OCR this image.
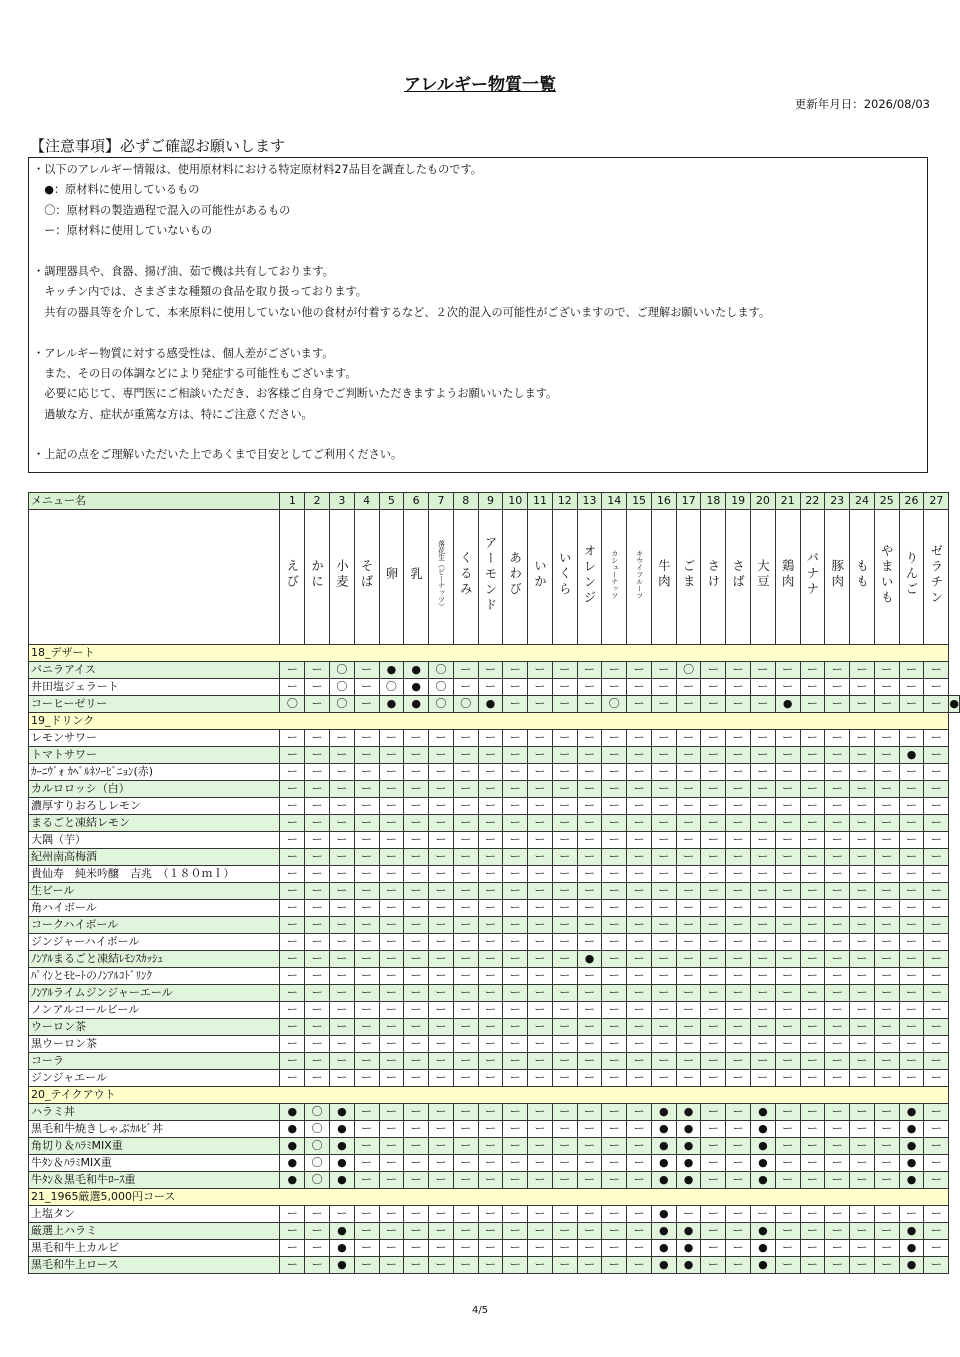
アレルギー物質一覧
更新年月日：2026/08/03
【注意事項】必ずご確認お願いします
・以下のアレルギー情報は、使用原材料における特定原材料27品目を調査したものです。
　●：原材料に使用しているもの
　〇：原材料の製造過程で混入の可能性があるもの
　ー：原材料に使用していないもの
・調理器具や、食器、揚げ油、茹で機は共有しております。
　キッチン内では、さまざまな種類の食品を取り扱っております。
　共有の器具等を介して、本来原料に使用していない他の食材が付着するなど、２次的混入の可能性がございますので、ご理解お願いいたします。
・アレルギー物質に対する感受性は、個人差がございます。
　また、その日の体調などにより発症する可能性もございます。
　必要に応じて、専門医にご相談いただき、お客様ご自身でご判断いただきますようお願いいたします。
　過敏な方、症状が重篤な方は、特にご注意ください。
・上記の点をご理解いただいた上であくまで目安としてご利用ください。
メニュー名	1	2	3	4	5	6	7	8	9	10	11	12	13	14	15	16	17	18	19	20	21	22	23	24	25	26	27	
	えび	かに	小麦	そば	卵	乳	落花生（ピーナッツ）	くるみ	アーモンド	あわび	いか	いくら	オレンジ	カシューナッツ	キウイフルーツ	牛肉	ごま	さけ	さば	大豆	鶏肉	バナナ	豚肉	もも	やまいも	りんご	ゼラチン	
18_デザート																												
バニラアイス	ー	ー	〇	ー	●	●	〇	ー	ー	ー	ー	ー	ー	ー	ー	ー	〇	ー	ー	ー	ー	ー	ー	ー	ー	ー	ー	
井田塩ジェラート	ー	ー	〇	ー	〇	●	〇	ー	ー	ー	ー	ー	ー	ー	ー	ー	ー	ー	ー	ー	ー	ー	ー	ー	ー	ー	ー	
コーヒーゼリー	〇	ー	〇	ー	●	●	〇	〇	●	ー	ー	ー	ー	〇	ー	ー	ー	ー	ー	ー	●	ー	ー	ー	ー	ー	ー	●
19_ドリンク																												
レモンサワー	ー	ー	ー	ー	ー	ー	ー	ー	ー	ー	ー	ー	ー	ー	ー	ー	ー	ー	ー	ー	ー	ー	ー	ー	ー	ー	ー	
トマトサワー	ー	ー	ー	ー	ー	ー	ー	ー	ー	ー	ー	ー	ー	ー	ー	ー	ー	ー	ー	ー	ー	ー	ー	ー	ー	●	ー	
ｶｰﾆｳﾞｫ ｶﾍﾞﾙﾈｿｰﾋﾞﾆｮﾝ(赤)	ー	ー	ー	ー	ー	ー	ー	ー	ー	ー	ー	ー	ー	ー	ー	ー	ー	ー	ー	ー	ー	ー	ー	ー	ー	ー	ー	
カルロロッシ（白）	ー	ー	ー	ー	ー	ー	ー	ー	ー	ー	ー	ー	ー	ー	ー	ー	ー	ー	ー	ー	ー	ー	ー	ー	ー	ー	ー	
濃厚すりおろしレモン	ー	ー	ー	ー	ー	ー	ー	ー	ー	ー	ー	ー	ー	ー	ー	ー	ー	ー	ー	ー	ー	ー	ー	ー	ー	ー	ー	
まるごと凍結レモン	ー	ー	ー	ー	ー	ー	ー	ー	ー	ー	ー	ー	ー	ー	ー	ー	ー	ー	ー	ー	ー	ー	ー	ー	ー	ー	ー	
大隅（芋）	ー	ー	ー	ー	ー	ー	ー	ー	ー	ー	ー	ー	ー	ー	ー	ー	ー	ー	ー	ー	ー	ー	ー	ー	ー	ー	ー	
紀州南高梅酒	ー	ー	ー	ー	ー	ー	ー	ー	ー	ー	ー	ー	ー	ー	ー	ー	ー	ー	ー	ー	ー	ー	ー	ー	ー	ー	ー	
貴仙寿　純米吟醸　吉兆　（１８０ｍｌ）	ー	ー	ー	ー	ー	ー	ー	ー	ー	ー	ー	ー	ー	ー	ー	ー	ー	ー	ー	ー	ー	ー	ー	ー	ー	ー	ー	
生ビール	ー	ー	ー	ー	ー	ー	ー	ー	ー	ー	ー	ー	ー	ー	ー	ー	ー	ー	ー	ー	ー	ー	ー	ー	ー	ー	ー	
角ハイボール	ー	ー	ー	ー	ー	ー	ー	ー	ー	ー	ー	ー	ー	ー	ー	ー	ー	ー	ー	ー	ー	ー	ー	ー	ー	ー	ー	
コークハイボール	ー	ー	ー	ー	ー	ー	ー	ー	ー	ー	ー	ー	ー	ー	ー	ー	ー	ー	ー	ー	ー	ー	ー	ー	ー	ー	ー	
ジンジャーハイボール	ー	ー	ー	ー	ー	ー	ー	ー	ー	ー	ー	ー	ー	ー	ー	ー	ー	ー	ー	ー	ー	ー	ー	ー	ー	ー	ー	
ﾉﾝｱﾙまるごと凍結ﾚﾓﾝｽｶｯｼｭ	ー	ー	ー	ー	ー	ー	ー	ー	ー	ー	ー	ー	●	ー	ー	ー	ー	ー	ー	ー	ー	ー	ー	ー	ー	ー	ー	
ﾊﾟｲﾝとﾓﾋｰﾄのﾉﾝｱﾙｺﾄﾞﾘﾝｸ	ー	ー	ー	ー	ー	ー	ー	ー	ー	ー	ー	ー	ー	ー	ー	ー	ー	ー	ー	ー	ー	ー	ー	ー	ー	ー	ー	
ﾉﾝｱﾙライムジンジャーエール	ー	ー	ー	ー	ー	ー	ー	ー	ー	ー	ー	ー	ー	ー	ー	ー	ー	ー	ー	ー	ー	ー	ー	ー	ー	ー	ー	
ノンアルコールビール	ー	ー	ー	ー	ー	ー	ー	ー	ー	ー	ー	ー	ー	ー	ー	ー	ー	ー	ー	ー	ー	ー	ー	ー	ー	ー	ー	
ウーロン茶	ー	ー	ー	ー	ー	ー	ー	ー	ー	ー	ー	ー	ー	ー	ー	ー	ー	ー	ー	ー	ー	ー	ー	ー	ー	ー	ー	
黒ウーロン茶	ー	ー	ー	ー	ー	ー	ー	ー	ー	ー	ー	ー	ー	ー	ー	ー	ー	ー	ー	ー	ー	ー	ー	ー	ー	ー	ー	
コーラ	ー	ー	ー	ー	ー	ー	ー	ー	ー	ー	ー	ー	ー	ー	ー	ー	ー	ー	ー	ー	ー	ー	ー	ー	ー	ー	ー	
ジンジャエール	ー	ー	ー	ー	ー	ー	ー	ー	ー	ー	ー	ー	ー	ー	ー	ー	ー	ー	ー	ー	ー	ー	ー	ー	ー	ー	ー	
20_テイクアウト																												
ハラミ丼	●	〇	●	ー	ー	ー	ー	ー	ー	ー	ー	ー	ー	ー	ー	●	●	ー	ー	●	ー	ー	ー	ー	ー	●	ー	
黒毛和牛焼きしゃぶｶﾙﾋﾞ丼	●	〇	●	ー	ー	ー	ー	ー	ー	ー	ー	ー	ー	ー	ー	●	●	ー	ー	●	ー	ー	ー	ー	ー	●	ー	
角切り＆ﾊﾗﾐMIX重	●	〇	●	ー	ー	ー	ー	ー	ー	ー	ー	ー	ー	ー	ー	●	●	ー	ー	●	ー	ー	ー	ー	ー	●	ー	
牛ﾀﾝ＆ﾊﾗﾐMIX重	●	〇	●	ー	ー	ー	ー	ー	ー	ー	ー	ー	ー	ー	ー	●	●	ー	ー	●	ー	ー	ー	ー	ー	●	ー	
牛ﾀﾝ＆黒毛和牛ﾛｰｽ重	●	〇	●	ー	ー	ー	ー	ー	ー	ー	ー	ー	ー	ー	ー	●	●	ー	ー	●	ー	ー	ー	ー	ー	●	ー	
21_1965厳選5,000円コース																												
上塩タン	ー	ー	ー	ー	ー	ー	ー	ー	ー	ー	ー	ー	ー	ー	ー	●	ー	ー	ー	ー	ー	ー	ー	ー	ー	ー	ー	
厳選上ハラミ	ー	ー	●	ー	ー	ー	ー	ー	ー	ー	ー	ー	ー	ー	ー	●	●	ー	ー	●	ー	ー	ー	ー	ー	●	ー	
黒毛和牛上カルビ	ー	ー	●	ー	ー	ー	ー	ー	ー	ー	ー	ー	ー	ー	ー	●	●	ー	ー	●	ー	ー	ー	ー	ー	●	ー	
黒毛和牛上ロース	ー	ー	●	ー	ー	ー	ー	ー	ー	ー	ー	ー	ー	ー	ー	●	●	ー	ー	●	ー	ー	ー	ー	ー	●	ー	
4/5
